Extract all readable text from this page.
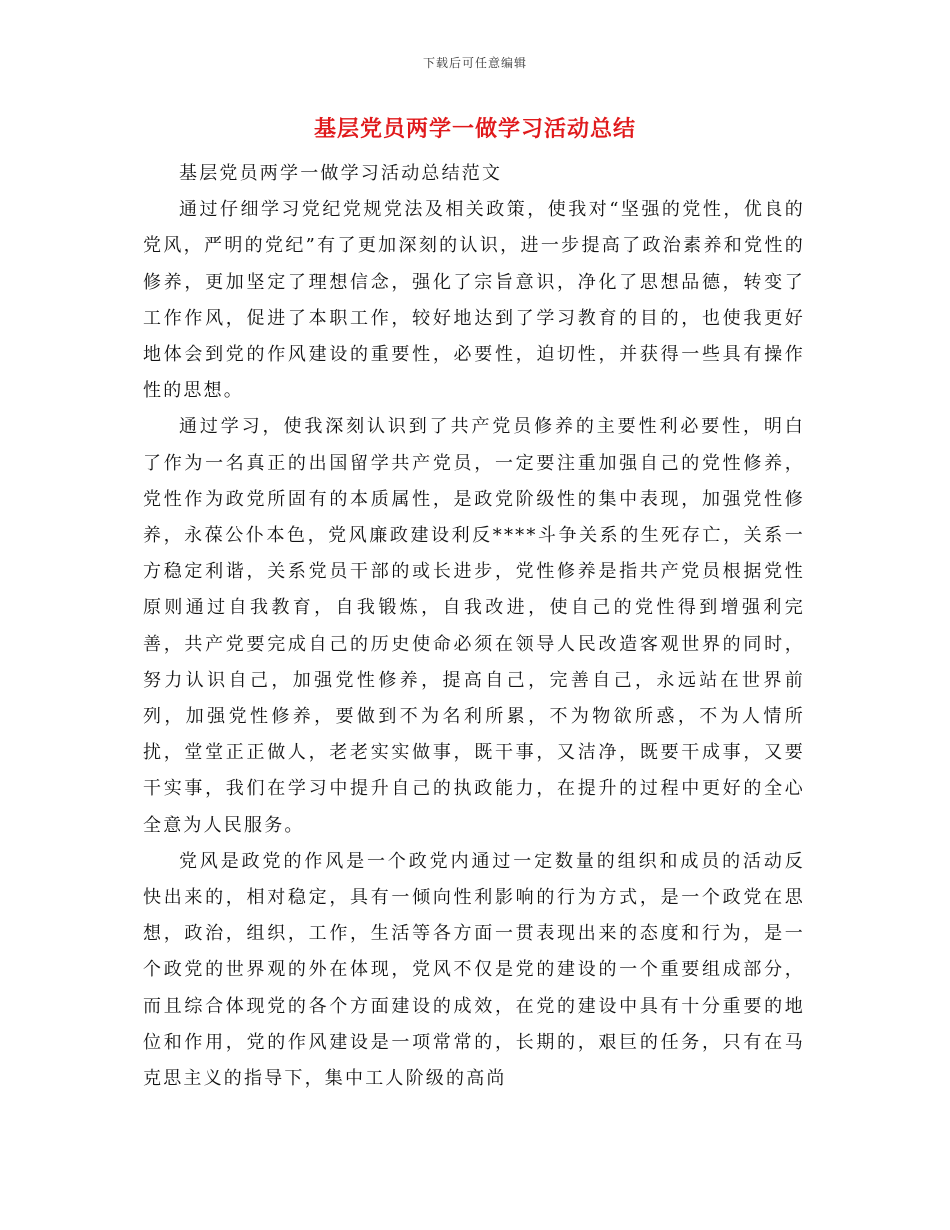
下载后可任意编辑
基层党员两学一做学习活动总结

基层党员两学一做学习活动总结范文

通过仔细学习党纪党规党法及相关政策，使我对“坚强的党性，优良的党风，严明的党纪”有了更加深刻的认识，进一步提高了政治素养和党性的修养，更加坚定了理想信念，强化了宗旨意识，净化了思想品德，转变了工作作风，促进了本职工作，较好地达到了学习教育的目的，也使我更好地体会到党的作风建设的重要性，必要性，迫切性，并获得一些具有操作性的思想。

通过学习，使我深刻认识到了共产党员修养的主要性利必要性，明白了作为一名真正的出国留学共产党员，一定要注重加强自己的党性修养，党性作为政党所固有的本质属性，是政党阶级性的集中表现，加强党性修养，永葆公仆本色，党风廉政建设利反****斗争关系的生死存亡，关系一方稳定利谐，关系党员干部的或长进步，党性修养是指共产党员根据党性原则通过自我教育，自我锻炼，自我改进，使自己的党性得到增强利完善，共产党要完成自己的历史使命必须在领导人民改造客观世界的同时，努力认识自己，加强党性修养，提高自己，完善自己，永远站在世界前列，加强党性修养，要做到不为名利所累，不为物欲所惑，不为人情所扰，堂堂正正做人，老老实实做事，既干事，又洁净，既要干成事，又要干实事，我们在学习中提升自己的执政能力，在提升的过程中更好的全心全意为人民服务。

党风是政党的作风是一个政党内通过一定数量的组织和成员的活动反快出来的，相对稳定，具有一倾向性利影响的行为方式，是一个政党在思想，政治，组织，工作，生活等各方面一贯表现出来的态度和行为，是一个政党的世界观的外在体现，党风不仅是党的建设的一个重要组成部分，而且综合体现党的各个方面建设的成效，在党的建设中具有十分重要的地位和作用，党的作风建设是一项常常的，长期的，艰巨的任务，只有在马克思主义的指导下，集中工人阶级的高尚
